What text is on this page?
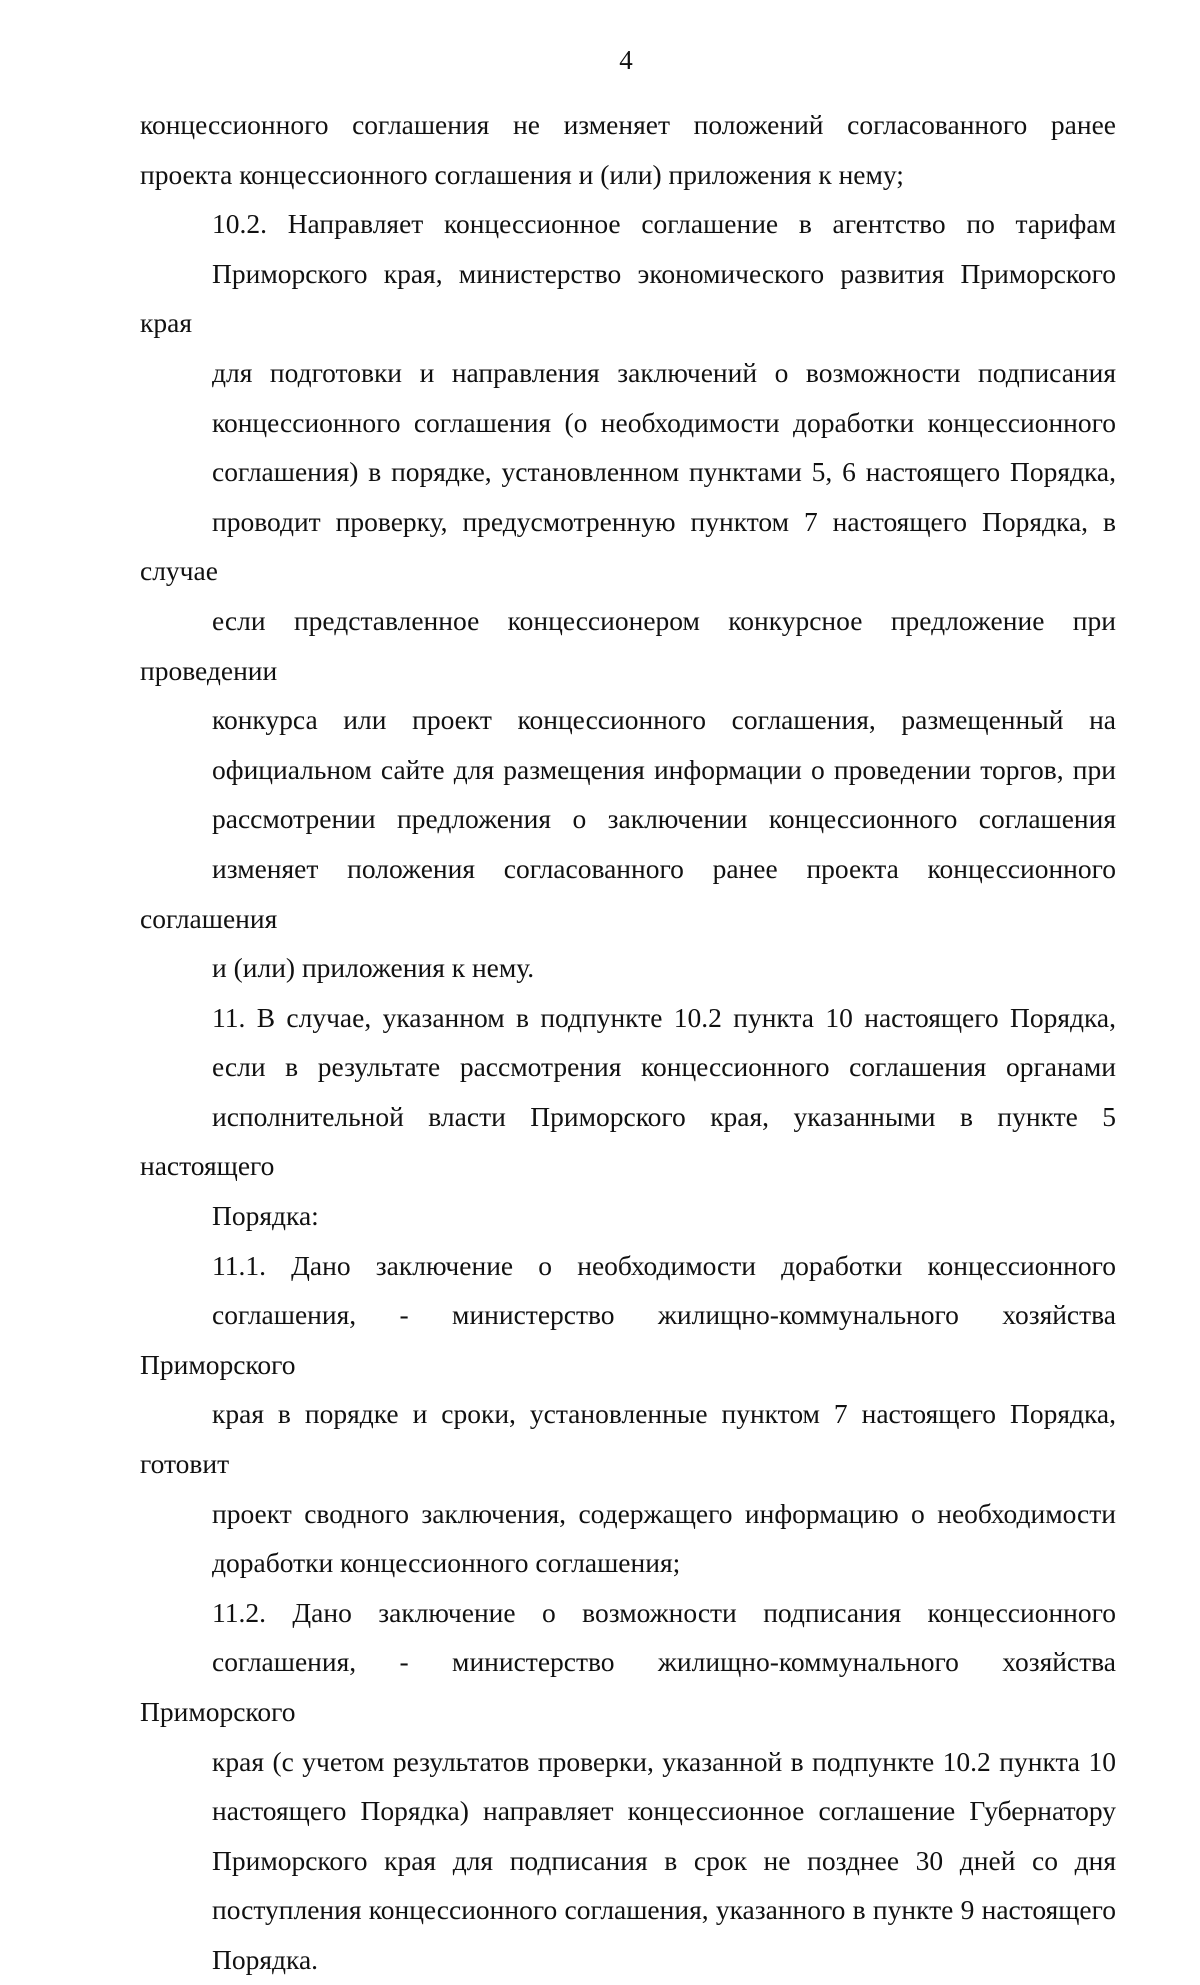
4
концессионного соглашения не изменяет положений согласованного ранее
проекта концессионного соглашения и (или) приложения к нему;
10.2. Направляет концессионное соглашение в агентство по тарифам
Приморского края, министерство экономического развития Приморского края
для подготовки и направления заключений о возможности подписания
концессионного соглашения (о необходимости доработки концессионного
соглашения) в порядке, установленном пунктами 5, 6 настоящего Порядка,
проводит проверку, предусмотренную пунктом 7 настоящего Порядка, в случае
если представленное концессионером конкурсное предложение при проведении
конкурса или проект концессионного соглашения, размещенный на
официальном сайте для размещения информации о проведении торгов, при
рассмотрении предложения о заключении концессионного соглашения
изменяет положения согласованного ранее проекта концессионного соглашения
и (или) приложения к нему.
11. В случае, указанном в подпункте 10.2 пункта 10 настоящего Порядка,
если в результате рассмотрения концессионного соглашения органами
исполнительной власти Приморского края, указанными в пункте 5 настоящего
Порядка:
11.1. Дано заключение о необходимости доработки концессионного
соглашения, - министерство жилищно-коммунального хозяйства Приморского
края в порядке и сроки, установленные пунктом 7 настоящего Порядка, готовит
проект сводного заключения, содержащего информацию о необходимости
доработки концессионного соглашения;
11.2. Дано заключение о возможности подписания концессионного
соглашения, - министерство жилищно-коммунального хозяйства Приморского
края (с учетом результатов проверки, указанной в подпункте 10.2 пункта 10
настоящего Порядка) направляет концессионное соглашение Губернатору
Приморского края для подписания в срок не позднее 30 дней со дня
поступления концессионного соглашения, указанного в пункте 9 настоящего
Порядка.
